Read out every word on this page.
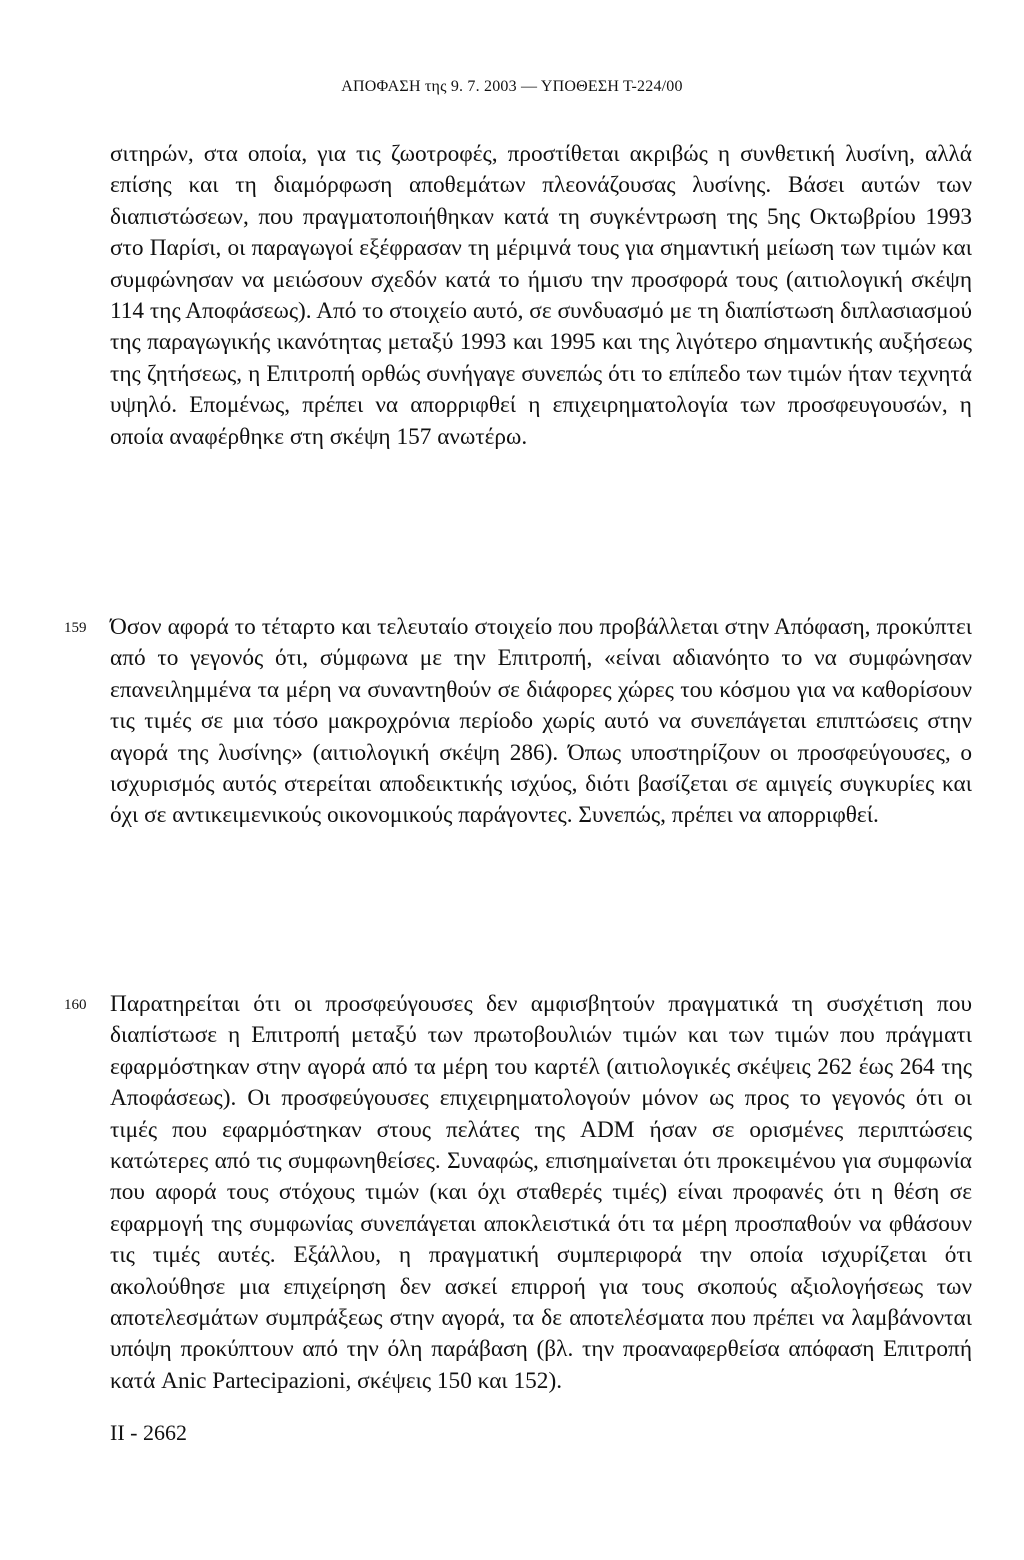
ΑΠΟΦΑΣΗ της 9. 7. 2003 — ΥΠΟΘΕΣΗ Τ-224/00
σιτηρών, στα οποία, για τις ζωοτροφές, προστίθεται ακριβώς η συνθετική λυσίνη, αλλά επίσης και τη διαμόρφωση αποθεμάτων πλεονάζουσας λυσίνης. Βάσει αυτών των διαπιστώσεων, που πραγματοποιήθηκαν κατά τη συγκέντρωση της 5ης Οκτωβρίου 1993 στο Παρίσι, οι παραγωγοί εξέφρασαν τη μέριμνά τους για σημαντική μείωση των τιμών και συμφώνησαν να μειώσουν σχεδόν κατά το ήμισυ την προσφορά τους (αιτιολογική σκέψη 114 της Αποφάσεως). Από το στοιχείο αυτό, σε συνδυασμό με τη διαπίστωση διπλασιασμού της παραγωγικής ικανότητας μεταξύ 1993 και 1995 και της λιγότερο σημαντικής αυξήσεως της ζητήσεως, η Επιτροπή ορθώς συνήγαγε συνεπώς ότι το επίπεδο των τιμών ήταν τεχνητά υψηλό. Επομένως, πρέπει να απορριφθεί η επιχειρηματολογία των προσφευγουσών, η οποία αναφέρθηκε στη σκέψη 157 ανωτέρω.
159 Όσον αφορά το τέταρτο και τελευταίο στοιχείο που προβάλλεται στην Απόφαση, προκύπτει από το γεγονός ότι, σύμφωνα με την Επιτροπή, «είναι αδιανόητο το να συμφώνησαν επανειλημμένα τα μέρη να συναντηθούν σε διάφορες χώρες του κόσμου για να καθορίσουν τις τιμές σε μια τόσο μακροχρόνια περίοδο χωρίς αυτό να συνεπάγεται επιπτώσεις στην αγορά της λυσίνης» (αιτιολογική σκέψη 286). Όπως υποστηρίζουν οι προσφεύγουσες, ο ισχυρισμός αυτός στερείται αποδεικτικής ισχύος, διότι βασίζεται σε αμιγείς συγκυρίες και όχι σε αντικειμενικούς οικονομικούς παράγοντες. Συνεπώς, πρέπει να απορριφθεί.
160 Παρατηρείται ότι οι προσφεύγουσες δεν αμφισβητούν πραγματικά τη συσχέτιση που διαπίστωσε η Επιτροπή μεταξύ των πρωτοβουλιών τιμών και των τιμών που πράγματι εφαρμόστηκαν στην αγορά από τα μέρη του καρτέλ (αιτιολογικές σκέψεις 262 έως 264 της Αποφάσεως). Οι προσφεύγουσες επιχειρηματολογούν μόνον ως προς το γεγονός ότι οι τιμές που εφαρμόστηκαν στους πελάτες της ADM ήσαν σε ορισμένες περιπτώσεις κατώτερες από τις συμφωνηθείσες. Συναφώς, επισημαίνεται ότι προκειμένου για συμφωνία που αφορά τους στόχους τιμών (και όχι σταθερές τιμές) είναι προφανές ότι η θέση σε εφαρμογή της συμφωνίας συνεπάγεται αποκλειστικά ότι τα μέρη προσπαθούν να φθάσουν τις τιμές αυτές. Εξάλλου, η πραγματική συμπεριφορά την οποία ισχυρίζεται ότι ακολούθησε μια επιχείρηση δεν ασκεί επιρροή για τους σκοπούς αξιολογήσεως των αποτελεσμάτων συμπράξεως στην αγορά, τα δε αποτελέσματα που πρέπει να λαμβάνονται υπόψη προκύπτουν από την όλη παράβαση (βλ. την προαναφερθείσα απόφαση Επιτροπή κατά Anic Partecipazioni, σκέψεις 150 και 152).
II - 2662
